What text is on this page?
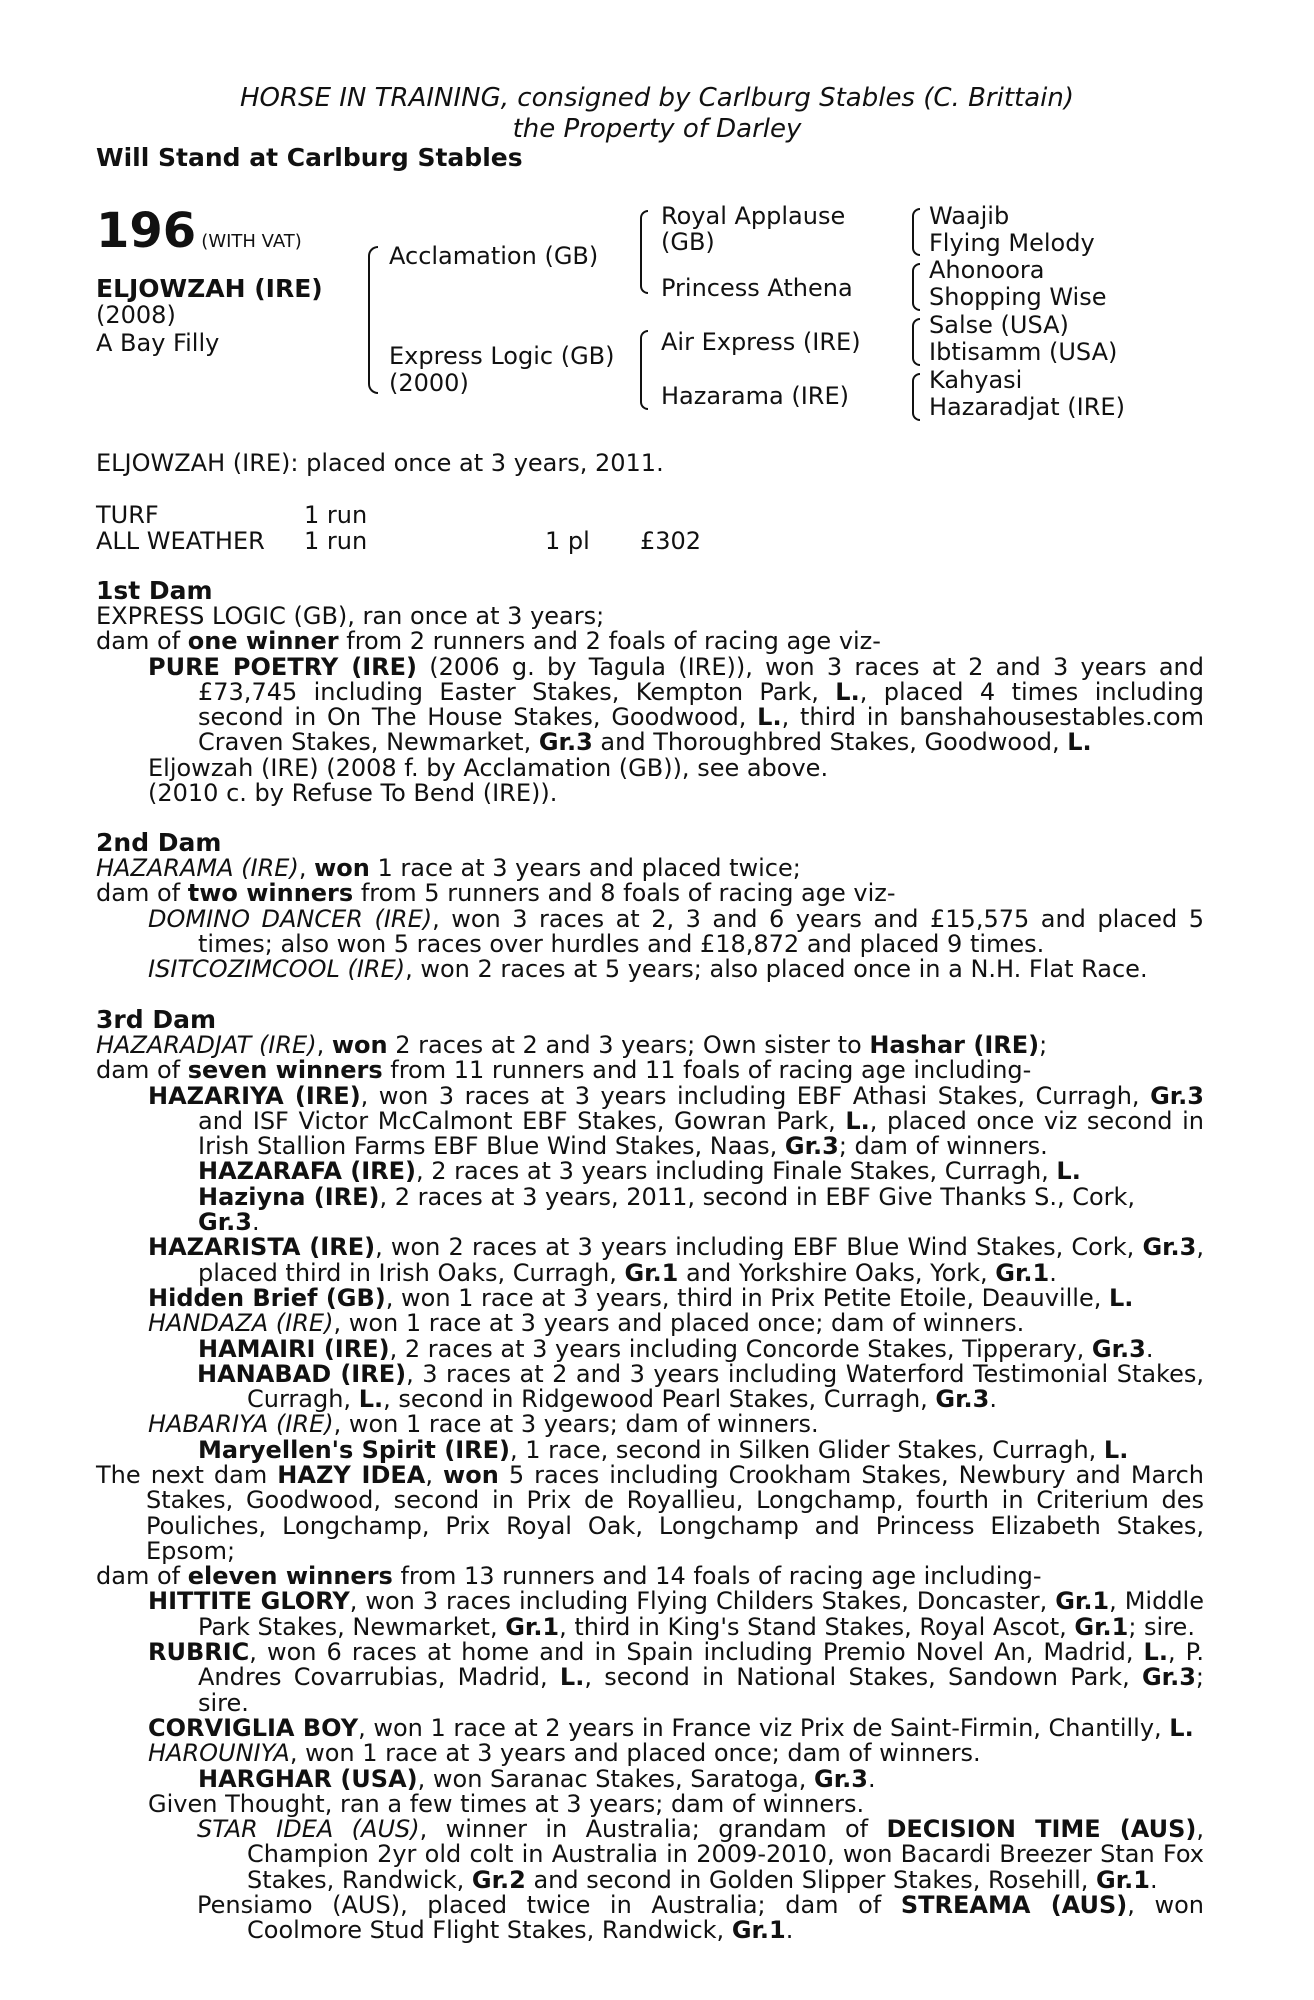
HORSE IN TRAINING, consigned by Carlburg Stables (C. Brittain)
the Property of Darley
Will Stand at Carlburg Stables
196 (WITH VAT)
ELJOWZAH (IRE)
(2008)
A Bay Filly
Acclamation (GB)
Express Logic (GB)
(2000)
Royal Applause
(GB)
Princess Athena
Air Express (IRE)
Hazarama (IRE)
Waajib
Flying Melody
Ahonoora
Shopping Wise
Salse (USA)
Ibtisamm (USA)
Kahyasi
Hazaradjat (IRE)
ELJOWZAH (IRE): placed once at 3 years, 2011.
TURF	1 run
ALL WEATHER 1 run	1 pl £302
1st Dam
EXPRESS LOGIC (GB), ran once at 3 years;
dam of one winner from 2 runners and 2 foals of racing age viz-
PURE POETRY (IRE) (2006 g. by Tagula (IRE)), won 3 races at 2 and 3 years and £73,745 including Easter Stakes, Kempton Park, L., placed 4 times including second in On The House Stakes, Goodwood, L., third in banshahousestables.com Craven Stakes, Newmarket, Gr.3 and Thoroughbred Stakes, Goodwood, L.
Eljowzah (IRE) (2008 f. by Acclamation (GB)), see above.
(2010 c. by Refuse To Bend (IRE)).
2nd Dam
HAZARAMA (IRE), won 1 race at 3 years and placed twice;
dam of two winners from 5 runners and 8 foals of racing age viz-
DOMINO DANCER (IRE), won 3 races at 2, 3 and 6 years and £15,575 and placed 5 times; also won 5 races over hurdles and £18,872 and placed 9 times.
ISITCOZIMCOOL (IRE), won 2 races at 5 years; also placed once in a N.H. Flat Race.
3rd Dam
HAZARADJAT (IRE), won 2 races at 2 and 3 years; Own sister to Hashar (IRE);
dam of seven winners from 11 runners and 11 foals of racing age including-
HAZARIYA (IRE), won 3 races at 3 years including EBF Athasi Stakes, Curragh, Gr.3 and ISF Victor McCalmont EBF Stakes, Gowran Park, L., placed once viz second in Irish Stallion Farms EBF Blue Wind Stakes, Naas, Gr.3; dam of winners.
HAZARAFA (IRE), 2 races at 3 years including Finale Stakes, Curragh, L.
Haziyna (IRE), 2 races at 3 years, 2011, second in EBF Give Thanks S., Cork, Gr.3.
HAZARISTA (IRE), won 2 races at 3 years including EBF Blue Wind Stakes, Cork, Gr.3, placed third in Irish Oaks, Curragh, Gr.1 and Yorkshire Oaks, York, Gr.1.
Hidden Brief (GB), won 1 race at 3 years, third in Prix Petite Etoile, Deauville, L.
HANDAZA (IRE), won 1 race at 3 years and placed once; dam of winners.
HAMAIRI (IRE), 2 races at 3 years including Concorde Stakes, Tipperary, Gr.3.
HANABAD (IRE), 3 races at 2 and 3 years including Waterford Testimonial Stakes, Curragh, L., second in Ridgewood Pearl Stakes, Curragh, Gr.3.
HABARIYA (IRE), won 1 race at 3 years; dam of winners.
Maryellen's Spirit (IRE), 1 race, second in Silken Glider Stakes, Curragh, L.
The next dam HAZY IDEA, won 5 races including Crookham Stakes, Newbury and March Stakes, Goodwood, second in Prix de Royallieu, Longchamp, fourth in Criterium des Pouliches, Longchamp, Prix Royal Oak, Longchamp and Princess Elizabeth Stakes, Epsom;
dam of eleven winners from 13 runners and 14 foals of racing age including-
HITTITE GLORY, won 3 races including Flying Childers Stakes, Doncaster, Gr.1, Middle Park Stakes, Newmarket, Gr.1, third in King's Stand Stakes, Royal Ascot, Gr.1; sire.
RUBRIC, won 6 races at home and in Spain including Premio Novel An, Madrid, L., P. Andres Covarrubias, Madrid, L., second in National Stakes, Sandown Park, Gr.3; sire.
CORVIGLIA BOY, won 1 race at 2 years in France viz Prix de Saint-Firmin, Chantilly, L.
HAROUNIYA, won 1 race at 3 years and placed once; dam of winners.
HARGHAR (USA), won Saranac Stakes, Saratoga, Gr.3.
Given Thought, ran a few times at 3 years; dam of winners.
STAR IDEA (AUS), winner in Australia; grandam of DECISION TIME (AUS), Champion 2yr old colt in Australia in 2009-2010, won Bacardi Breezer Stan Fox Stakes, Randwick, Gr.2 and second in Golden Slipper Stakes, Rosehill, Gr.1.
Pensiamo (AUS), placed twice in Australia; dam of STREAMA (AUS), won Coolmore Stud Flight Stakes, Randwick, Gr.1.
